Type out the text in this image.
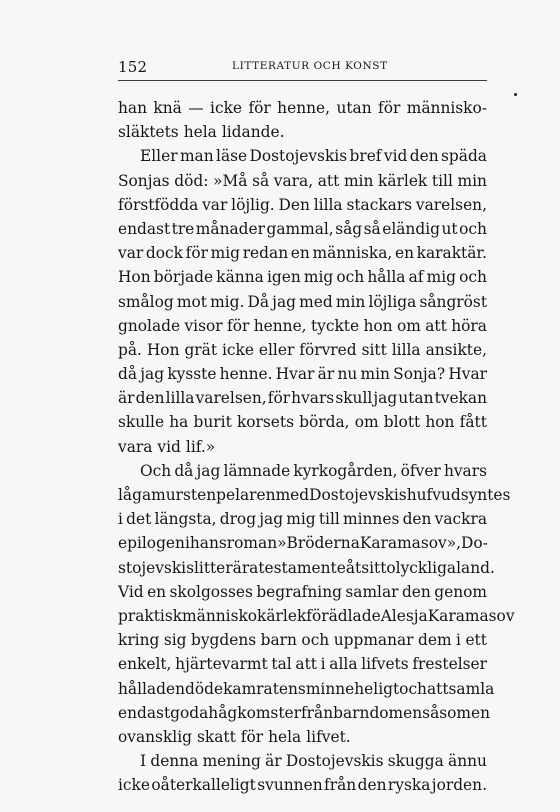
152	LITTERATUR OCH KONST
han knä — icke för henne, utan för människo-
släktets hela lidande.
Eller man läse Dostojevskis bref vid den späda
Sonjas död: »Må så vara, att min kärlek till min
förstfödda var löjlig. Den lilla stackars varelsen,
endast tre månader gammal, såg så eländig ut och
var dock för mig redan en människa, en karaktär.
Hon började känna igen mig och hålla af mig och
smålog mot mig. Då jag med min löjliga sångröst
gnolade visor för henne, tyckte hon om att höra
på. Hon grät icke eller förvred sitt lilla ansikte,
då jag kysste henne. Hvar är nu min Sonja? Hvar
är den lilla varelsen, för hvars skull jag utan tvekan
skulle ha burit korsets börda, om blott hon fått
vara vid lif.»
Och då jag lämnade kyrkogården, öfver hvars
låga mur stenpelaren med Dostojevskis hufvud syntes
i det längsta, drog jag mig till minnes den vackra
epilogen i hans roman »Bröderna Karamasov», Do-
stojevskis litterära testamente åt sitt olyckliga land.
Vid en skolgosses begrafning samlar den genom
praktisk människokärlek förädlade Alesja Karamasov
kring sig bygdens barn och uppmanar dem i ett
enkelt, hjärtevarmt tal att i alla lifvets frestelser
hålla den döde kamratens minne heligt och att samla
endast goda hågkomster från barndomen såsom en
ovansklig skatt för hela lifvet.
I denna mening är Dostojevskis skugga ännu
icke oåterkalleligt svunnen från den ryska jorden.
